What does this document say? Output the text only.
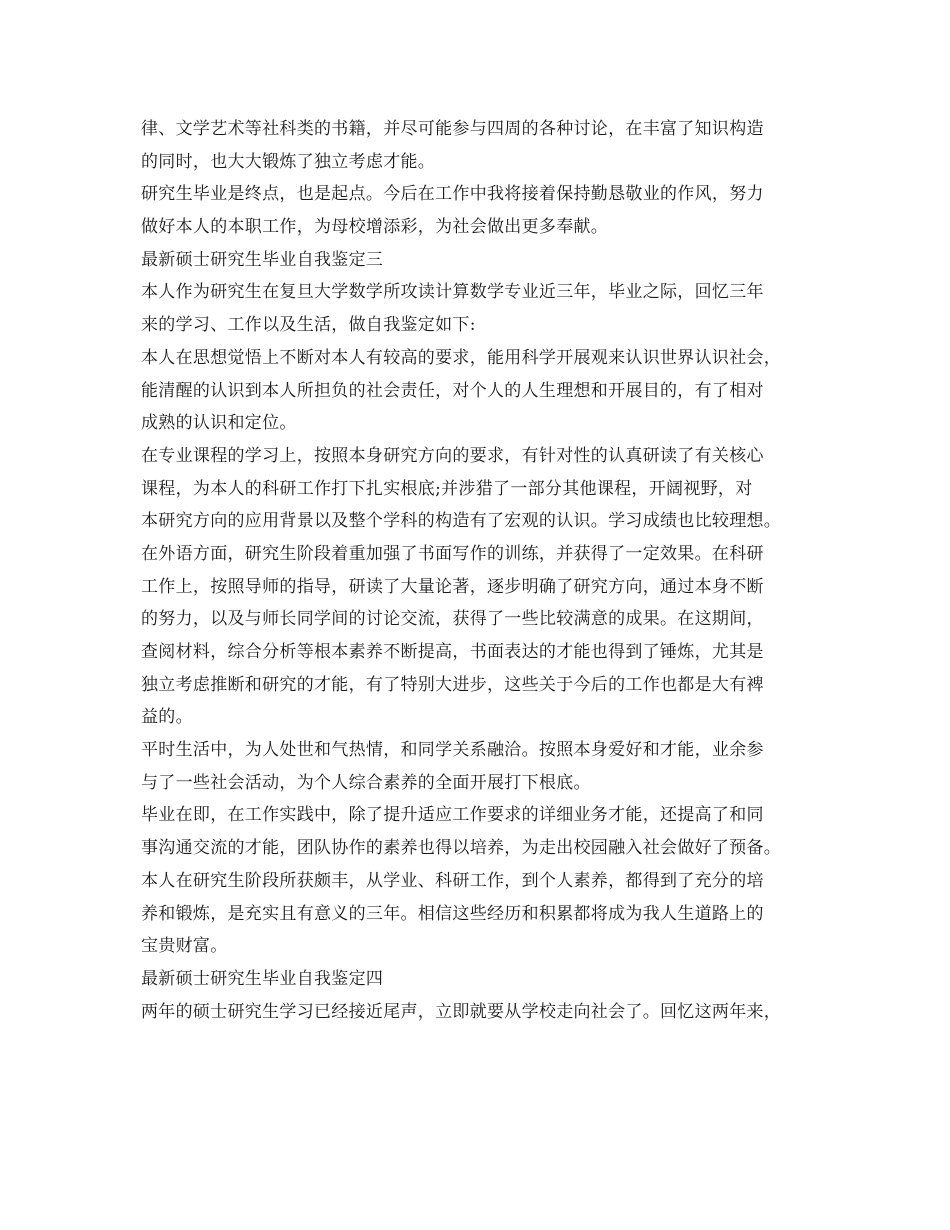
律、文学艺术等社科类的书籍，并尽可能参与四周的各种讨论，在丰富了知识构造
的同时，也大大锻炼了独立考虑才能。
研究生毕业是终点，也是起点。今后在工作中我将接着保持勤恳敬业的作风，努力
做好本人的本职工作，为母校增添彩，为社会做出更多奉献。
最新硕士研究生毕业自我鉴定三
本人作为研究生在复旦大学数学所攻读计算数学专业近三年，毕业之际，回忆三年
来的学习、工作以及生活，做自我鉴定如下:
本人在思想觉悟上不断对本人有较高的要求，能用科学开展观来认识世界认识社会，
能清醒的认识到本人所担负的社会责任，对个人的人生理想和开展目的，有了相对
成熟的认识和定位。
在专业课程的学习上，按照本身研究方向的要求，有针对性的认真研读了有关核心
课程，为本人的科研工作打下扎实根底;并涉猎了一部分其他课程，开阔视野，对
本研究方向的应用背景以及整个学科的构造有了宏观的认识。学习成绩也比较理想。
在外语方面，研究生阶段着重加强了书面写作的训练，并获得了一定效果。在科研
工作上，按照导师的指导，研读了大量论著，逐步明确了研究方向，通过本身不断
的努力，以及与师长同学间的讨论交流，获得了一些比较满意的成果。在这期间，
查阅材料，综合分析等根本素养不断提高，书面表达的才能也得到了锤炼，尤其是
独立考虑推断和研究的才能，有了特别大进步，这些关于今后的工作也都是大有裨
益的。
平时生活中，为人处世和气热情，和同学关系融洽。按照本身爱好和才能，业余参
与了一些社会活动，为个人综合素养的全面开展打下根底。
毕业在即，在工作实践中，除了提升适应工作要求的详细业务才能，还提高了和同
事沟通交流的才能，团队协作的素养也得以培养，为走出校园融入社会做好了预备。
本人在研究生阶段所获颇丰，从学业、科研工作，到个人素养，都得到了充分的培
养和锻炼，是充实且有意义的三年。相信这些经历和积累都将成为我人生道路上的
宝贵财富。
最新硕士研究生毕业自我鉴定四
两年的硕士研究生学习已经接近尾声，立即就要从学校走向社会了。回忆这两年来，
